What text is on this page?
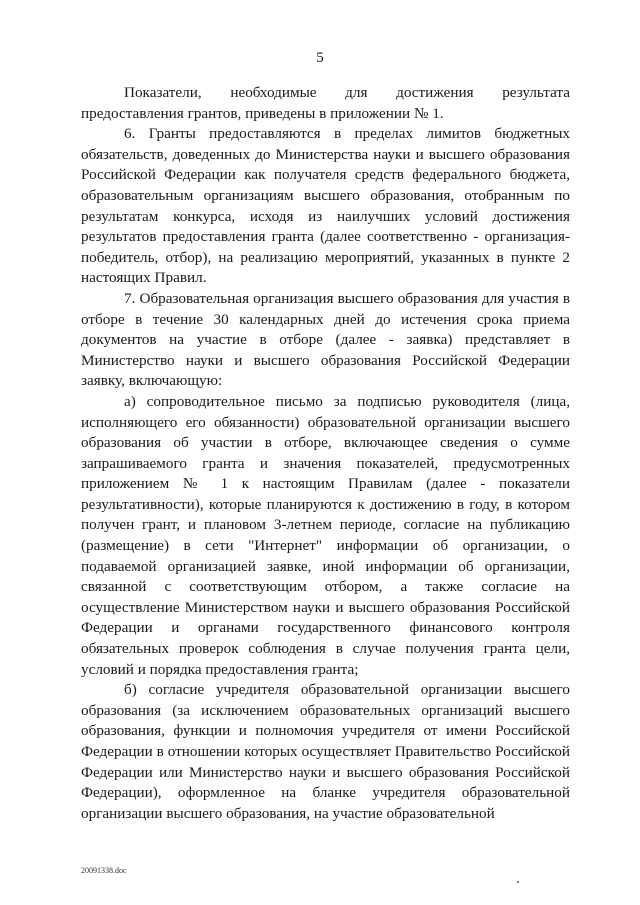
5

Показатели, необходимые для достижения результата предоставления грантов, приведены в приложении № 1.

6. Гранты предоставляются в пределах лимитов бюджетных обязательств, доведенных до Министерства науки и высшего образования Российской Федерации как получателя средств федерального бюджета, образовательным организациям высшего образования, отобранным по результатам конкурса, исходя из наилучших условий достижения результатов предоставления гранта (далее соответственно - организация-победитель, отбор), на реализацию мероприятий, указанных в пункте 2 настоящих Правил.

7. Образовательная организация высшего образования для участия в отборе в течение 30 календарных дней до истечения срока приема документов на участие в отборе (далее - заявка) представляет в Министерство науки и высшего образования Российской Федерации заявку, включающую:

а) сопроводительное письмо за подписью руководителя (лица, исполняющего его обязанности) образовательной организации высшего образования об участии в отборе, включающее сведения о сумме запрашиваемого гранта и значения показателей, предусмотренных приложением № 1 к настоящим Правилам (далее - показатели результативности), которые планируются к достижению в году, в котором получен грант, и плановом 3-летнем периоде, согласие на публикацию (размещение) в сети "Интернет" информации об организации, о подаваемой организацией заявке, иной информации об организации, связанной с соответствующим отбором, а также согласие на осуществление Министерством науки и высшего образования Российской Федерации и органами государственного финансового контроля обязательных проверок соблюдения в случае получения гранта цели, условий и порядка предоставления гранта;

б) согласие учредителя образовательной организации высшего образования (за исключением образовательных организаций высшего образования, функции и полномочия учредителя от имени Российской Федерации в отношении которых осуществляет Правительство Российской Федерации или Министерство науки и высшего образования Российской Федерации), оформленное на бланке учредителя образовательной организации высшего образования, на участие образовательной

20091338.doc
